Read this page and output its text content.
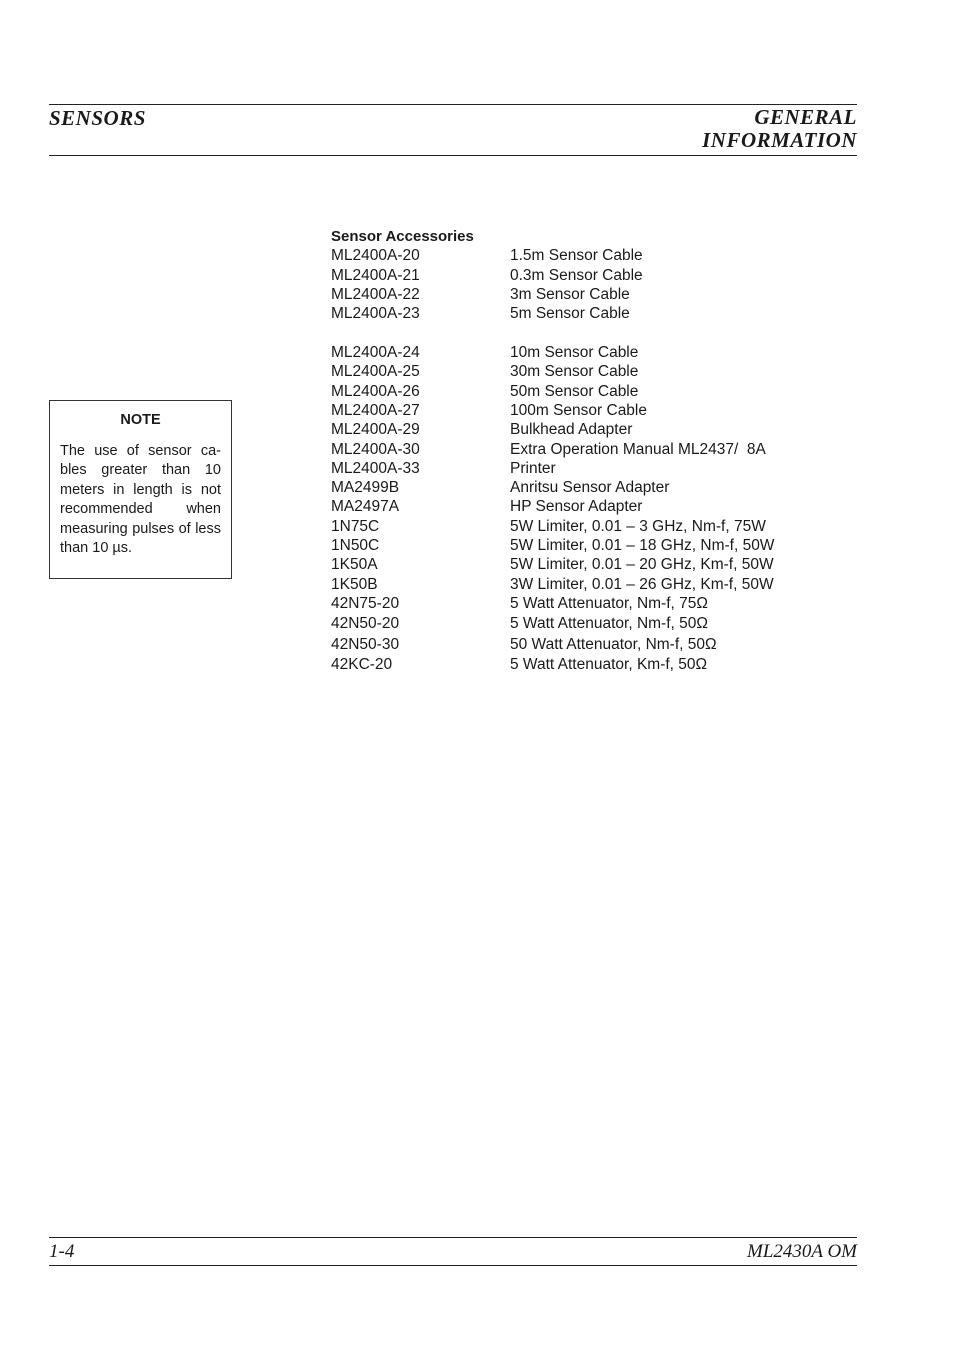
SENSORS	GENERAL
INFORMATION
NOTE
The use of sensor ca-bles greater than 10 meters in length is not recommended when measuring pulses of less than 10 µs.
Sensor Accessories
ML2400A-20	1.5m Sensor Cable
ML2400A-21	0.3m Sensor Cable
ML2400A-22	3m Sensor Cable
ML2400A-23	5m Sensor Cable
ML2400A-24	10m Sensor Cable
ML2400A-25	30m Sensor Cable
ML2400A-26	50m Sensor Cable
ML2400A-27	100m Sensor Cable
ML2400A-29	Bulkhead Adapter
ML2400A-30	Extra Operation Manual ML2437/  8A
ML2400A-33	Printer
MA2499B	Anritsu Sensor Adapter
MA2497A	HP Sensor Adapter
1N75C	5W Limiter, 0.01 – 3 GHz, Nm-f, 75W
1N50C	5W Limiter, 0.01 – 18 GHz, Nm-f, 50W
1K50A	5W Limiter, 0.01 – 20 GHz, Km-f, 50W
1K50B	3W Limiter, 0.01 – 26 GHz, Km-f, 50W
42N75-20	5 Watt Attenuator, Nm-f, 75Ω
42N50-20	5 Watt Attenuator, Nm-f, 50Ω
42N50-30	50 Watt Attenuator, Nm-f, 50Ω
42KC-20	5 Watt Attenuator, Km-f, 50Ω
1-4	ML2430A OM
